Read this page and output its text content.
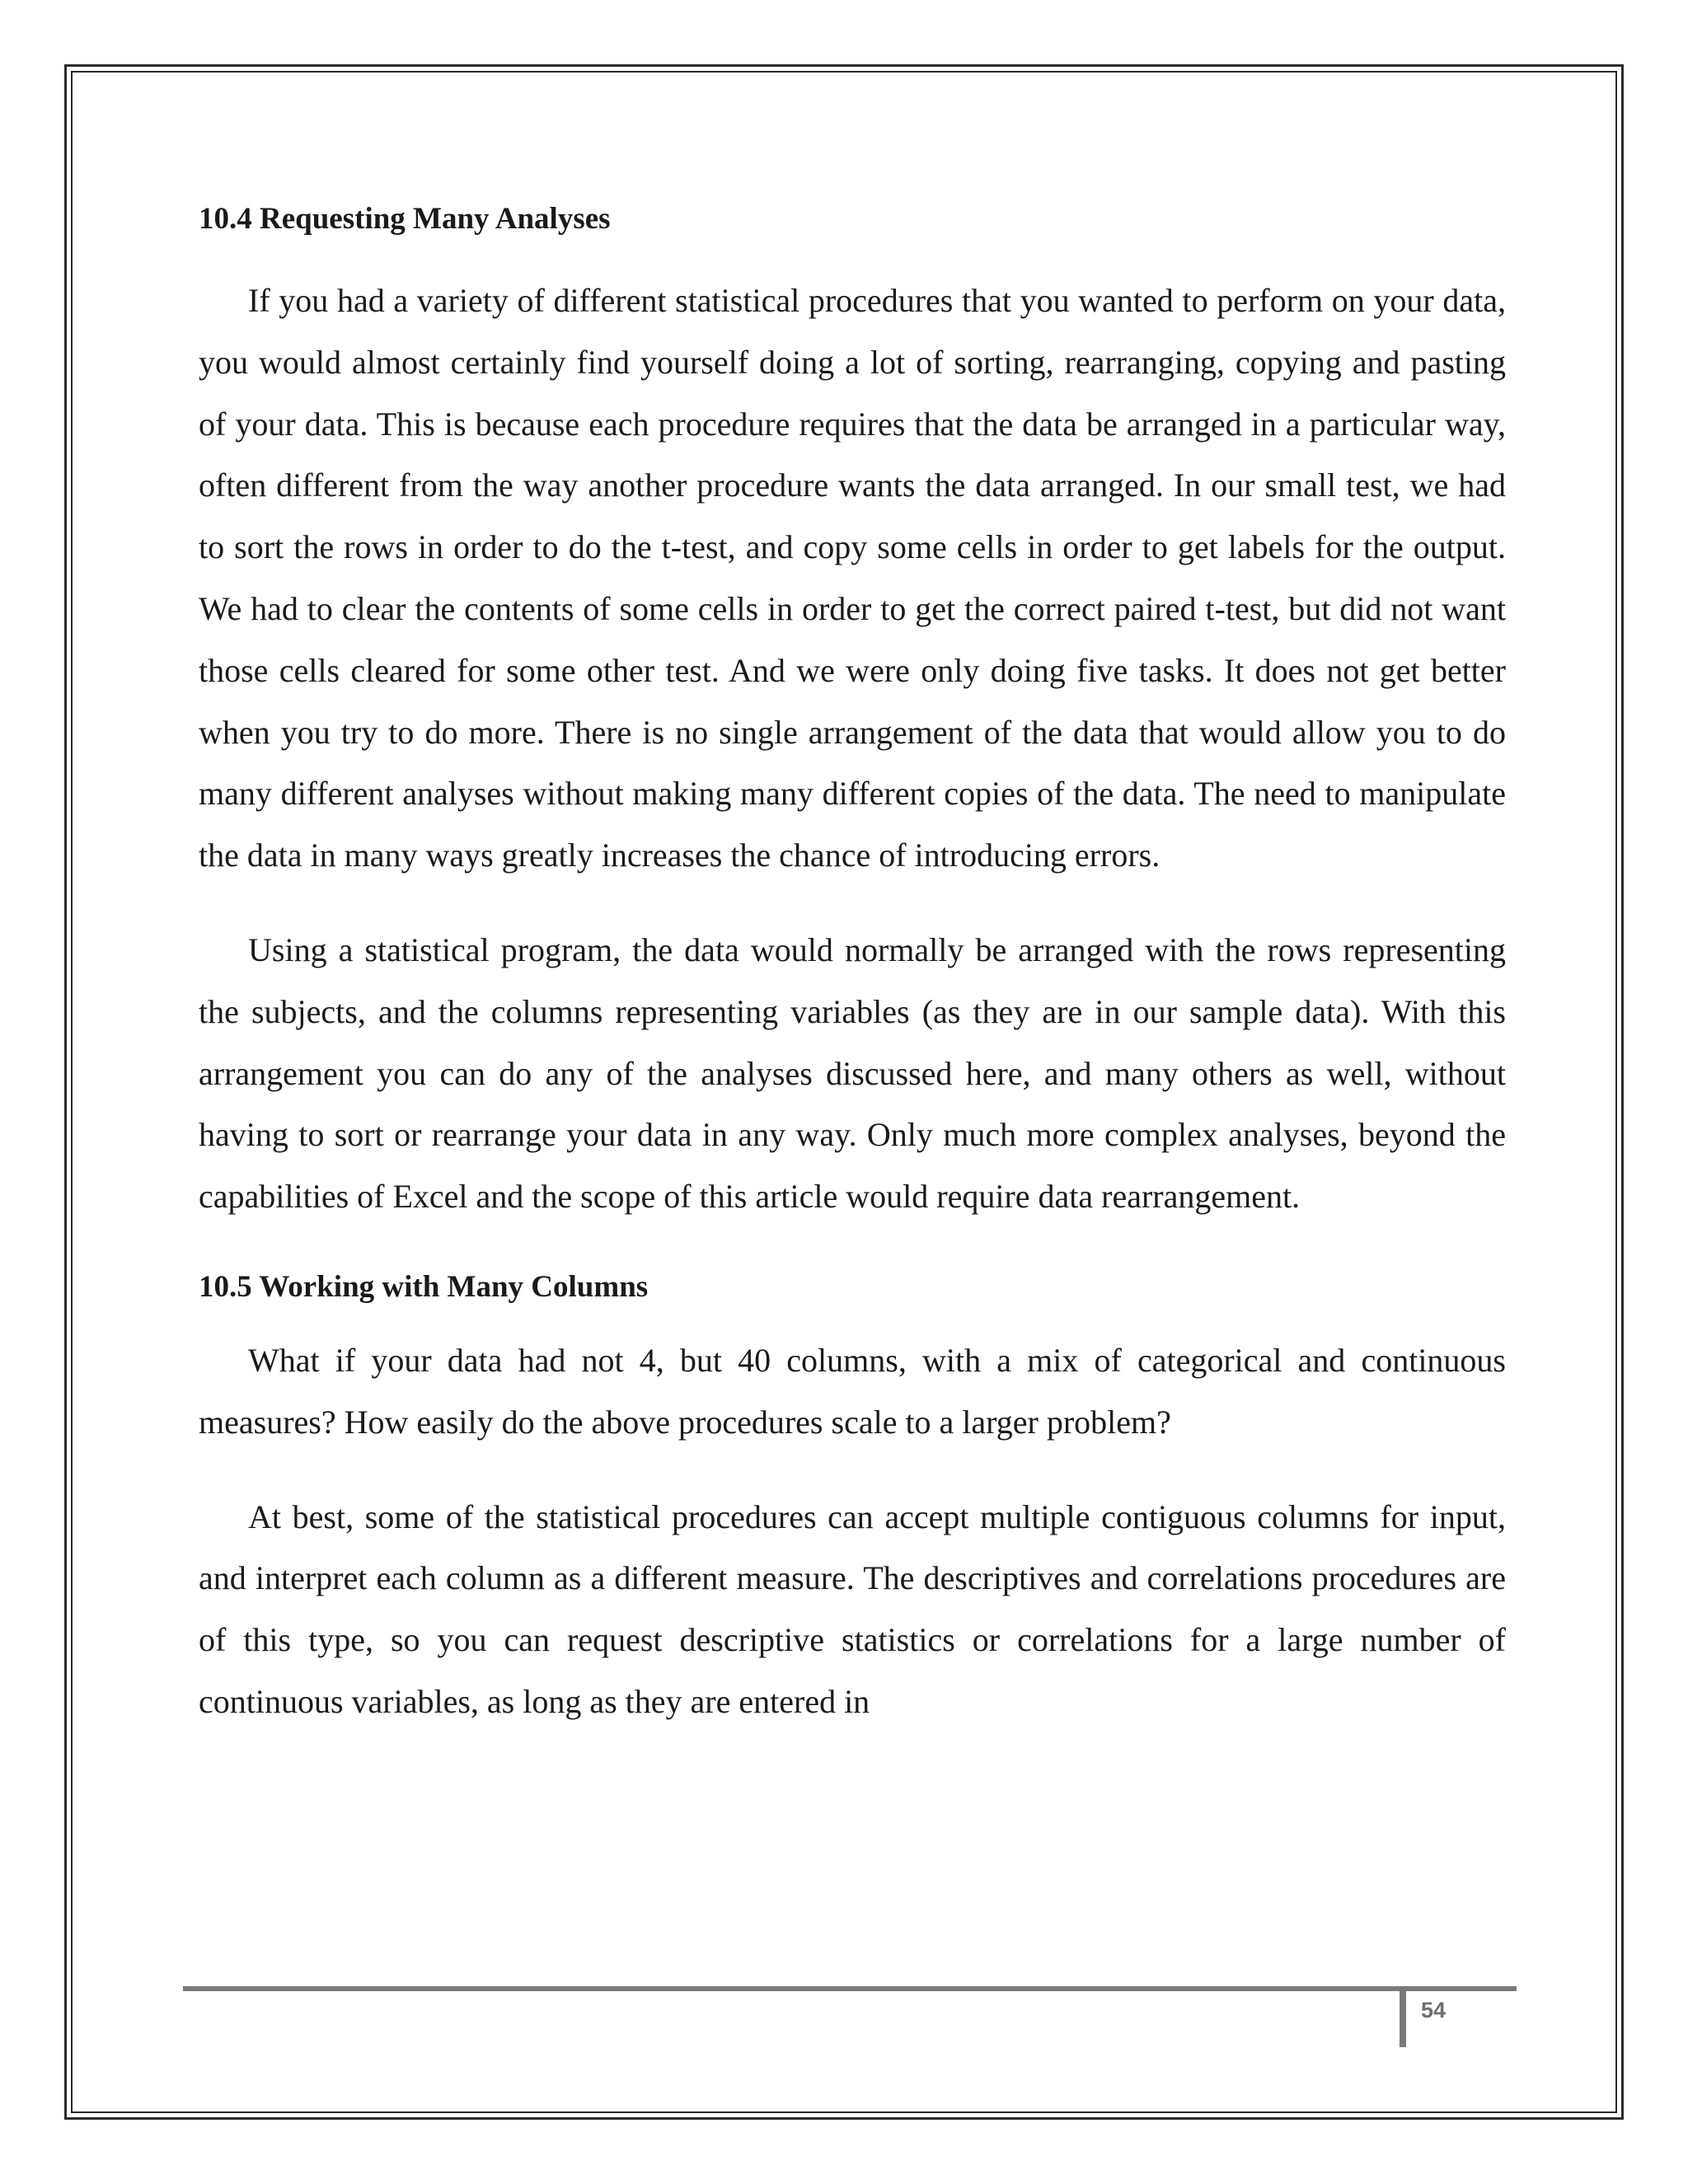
10.4 Requesting Many Analyses

If you had a variety of different statistical procedures that you wanted to perform on your data, you would almost certainly find yourself doing a lot of sorting, rearranging, copying and pasting of your data. This is because each procedure requires that the data be arranged in a particular way, often different from the way another procedure wants the data arranged. In our small test, we had to sort the rows in order to do the t-test, and copy some cells in order to get labels for the output. We had to clear the contents of some cells in order to get the correct paired t-test, but did not want those cells cleared for some other test. And we were only doing five tasks. It does not get better when you try to do more. There is no single arrangement of the data that would allow you to do many different analyses without making many different copies of the data. The need to manipulate the data in many ways greatly increases the chance of introducing errors.

Using a statistical program, the data would normally be arranged with the rows representing the subjects, and the columns representing variables (as they are in our sample data). With this arrangement you can do any of the analyses discussed here, and many others as well, without having to sort or rearrange your data in any way. Only much more complex analyses, beyond the capabilities of Excel and the scope of this article would require data rearrangement.

10.5 Working with Many Columns

What if your data had not 4, but 40 columns, with a mix of categorical and continuous measures? How easily do the above procedures scale to a larger problem?

At best, some of the statistical procedures can accept multiple contiguous columns for input, and interpret each column as a different measure. The descriptives and correlations procedures are of this type, so you can request descriptive statistics or correlations for a large number of continuous variables, as long as they are entered in

54
